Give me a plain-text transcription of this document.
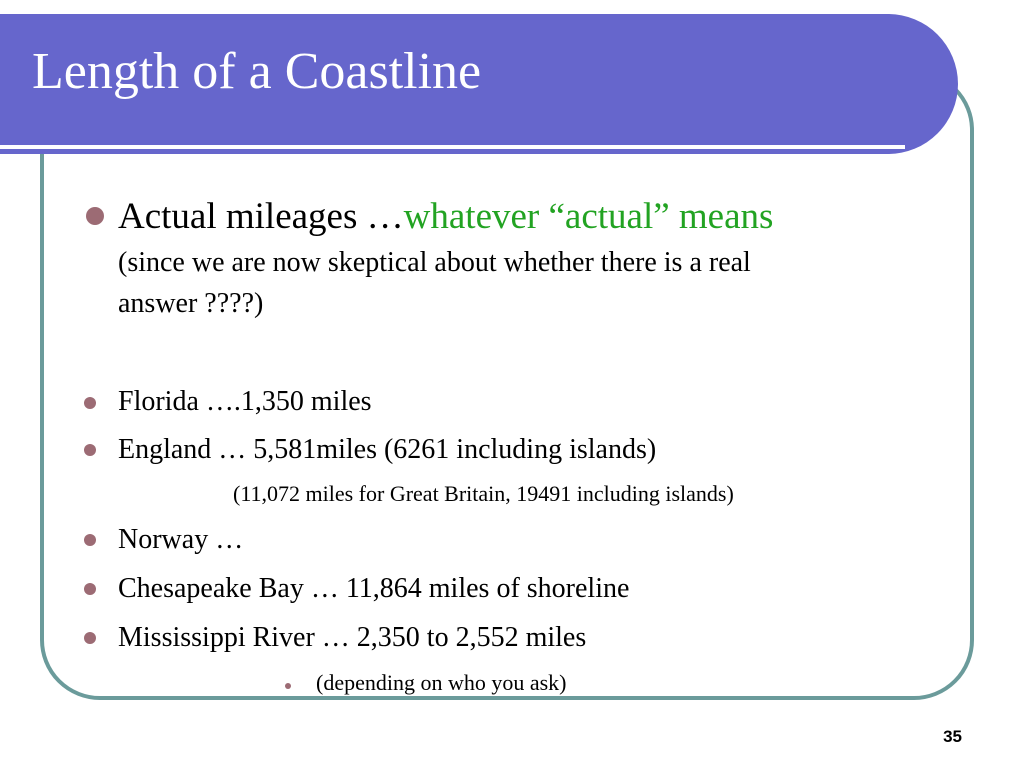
Length of a Coastline
Actual mileages …whatever “actual” means
(since we are now skeptical about whether there is a real
answer ????)
Florida ….1,350 miles
England … 5,581miles (6261 including islands)
(11,072 miles for Great Britain, 19491 including islands)
Norway …
Chesapeake Bay … 11,864 miles of shoreline
Mississippi River … 2,350 to 2,552 miles
(depending on who you ask)
35
